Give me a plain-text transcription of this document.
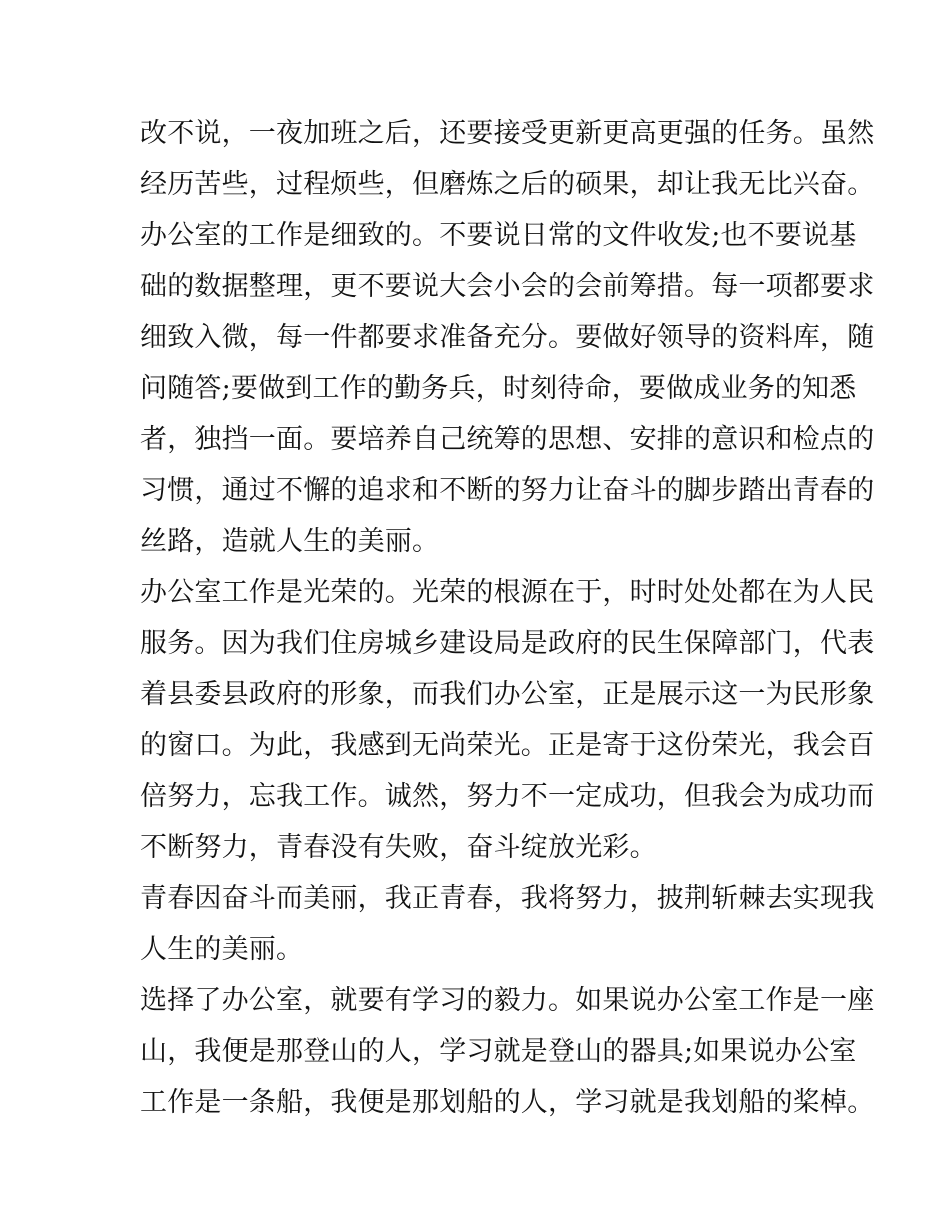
改不说，一夜加班之后，还要接受更新更高更强的任务。虽然
经历苦些，过程烦些，但磨炼之后的硕果，却让我无比兴奋。
办公室的工作是细致的。不要说日常的文件收发;也不要说基
础的数据整理，更不要说大会小会的会前筹措。每一项都要求
细致入微，每一件都要求准备充分。要做好领导的资料库，随
问随答;要做到工作的勤务兵，时刻待命，要做成业务的知悉
者，独挡一面。要培养自己统筹的思想、安排的意识和检点的
习惯，通过不懈的追求和不断的努力让奋斗的脚步踏出青春的
丝路，造就人生的美丽。
办公室工作是光荣的。光荣的根源在于，时时处处都在为人民
服务。因为我们住房城乡建设局是政府的民生保障部门，代表
着县委县政府的形象，而我们办公室，正是展示这一为民形象
的窗口。为此，我感到无尚荣光。正是寄于这份荣光，我会百
倍努力，忘我工作。诚然，努力不一定成功，但我会为成功而
不断努力，青春没有失败，奋斗绽放光彩。
青春因奋斗而美丽，我正青春，我将努力，披荆斩棘去实现我
人生的美丽。
选择了办公室，就要有学习的毅力。如果说办公室工作是一座
山，我便是那登山的人，学习就是登山的器具;如果说办公室
工作是一条船，我便是那划船的人，学习就是我划船的桨棹。
